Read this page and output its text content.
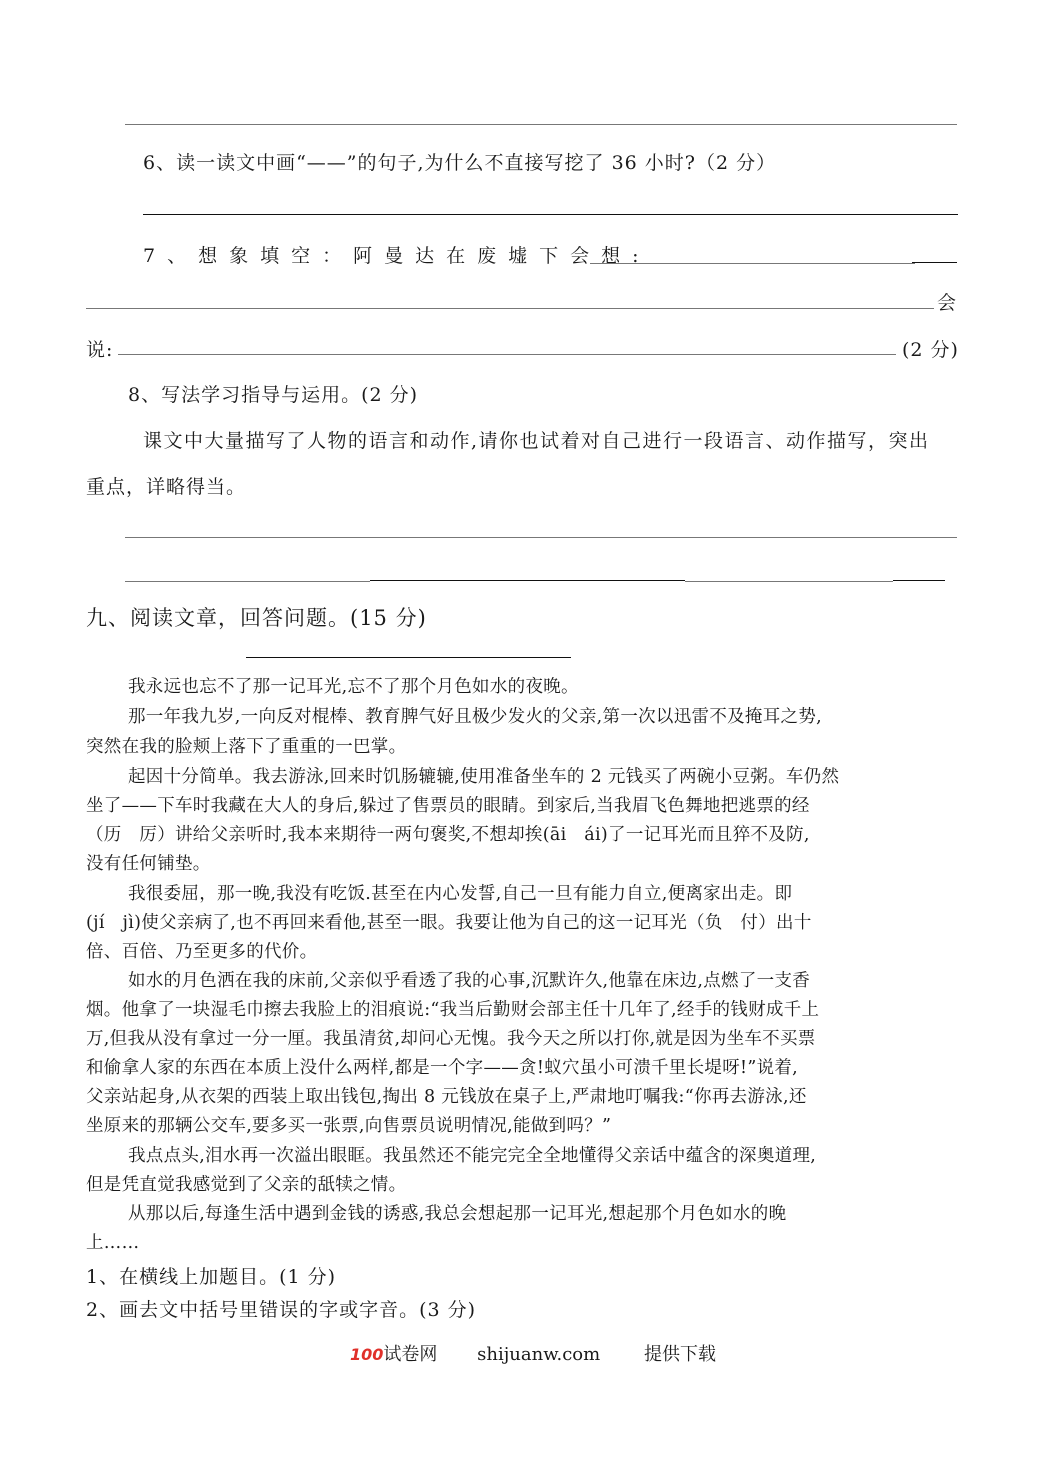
6、读一读文中画“——”的句子,为什么不直接写挖了 36 小时?（2 分）
7、想象填空：阿曼达在废墟下会想:
会
说:	(2 分)
8、写法学习指导与运用。(2 分)
课文中大量描写了人物的语言和动作,请你也试着对自己进行一段语言、动作描写，突出
重点，详略得当。
九、阅读文章，回答问题。(15 分)
我永远也忘不了那一记耳光,忘不了那个月色如水的夜晚。
那一年我九岁,一向反对棍棒、教育脾气好且极少发火的父亲,第一次以迅雷不及掩耳之势,
突然在我的脸颊上落下了重重的一巴掌。
起因十分简单。我去游泳,回来时饥肠辘辘,使用准备坐车的 2 元钱买了两碗小豆粥。车仍然
坐了——下车时我藏在大人的身后,躲过了售票员的眼睛。到家后,当我眉飞色舞地把逃票的经
（历　厉）讲给父亲听时,我本来期待一两句褒奖,不想却挨(āi　ái)了一记耳光而且猝不及防,
没有任何铺垫。
我很委屈，那一晚,我没有吃饭.甚至在内心发誓,自己一旦有能力自立,便离家出走。即
(jí　jì)使父亲病了,也不再回来看他,甚至一眼。我要让他为自己的这一记耳光（负　付）出十
倍、百倍、乃至更多的代价。
如水的月色洒在我的床前,父亲似乎看透了我的心事,沉默许久,他靠在床边,点燃了一支香
烟。他拿了一块湿毛巾擦去我脸上的泪痕说:“我当后勤财会部主任十几年了,经手的钱财成千上
万,但我从没有拿过一分一厘。我虽清贫,却问心无愧。我今天之所以打你,就是因为坐车不买票
和偷拿人家的东西在本质上没什么两样,都是一个字——贪!蚁穴虽小可溃千里长堤呀!”说着,
父亲站起身,从衣架的西装上取出钱包,掏出 8 元钱放在桌子上,严肃地叮嘱我:“你再去游泳,还
坐原来的那辆公交车,要多买一张票,向售票员说明情况,能做到吗？”
我点点头,泪水再一次溢出眼眶。我虽然还不能完完全全地懂得父亲话中蕴含的深奥道理,
但是凭直觉我感觉到了父亲的舐犊之情。
从那以后,每逢生活中遇到金钱的诱惑,我总会想起那一记耳光,想起那个月色如水的晚
上……
1、在横线上加题目。(1 分)
2、画去文中括号里错误的字或字音。(3 分)
100试卷网 shijuanw.com 提供下载
